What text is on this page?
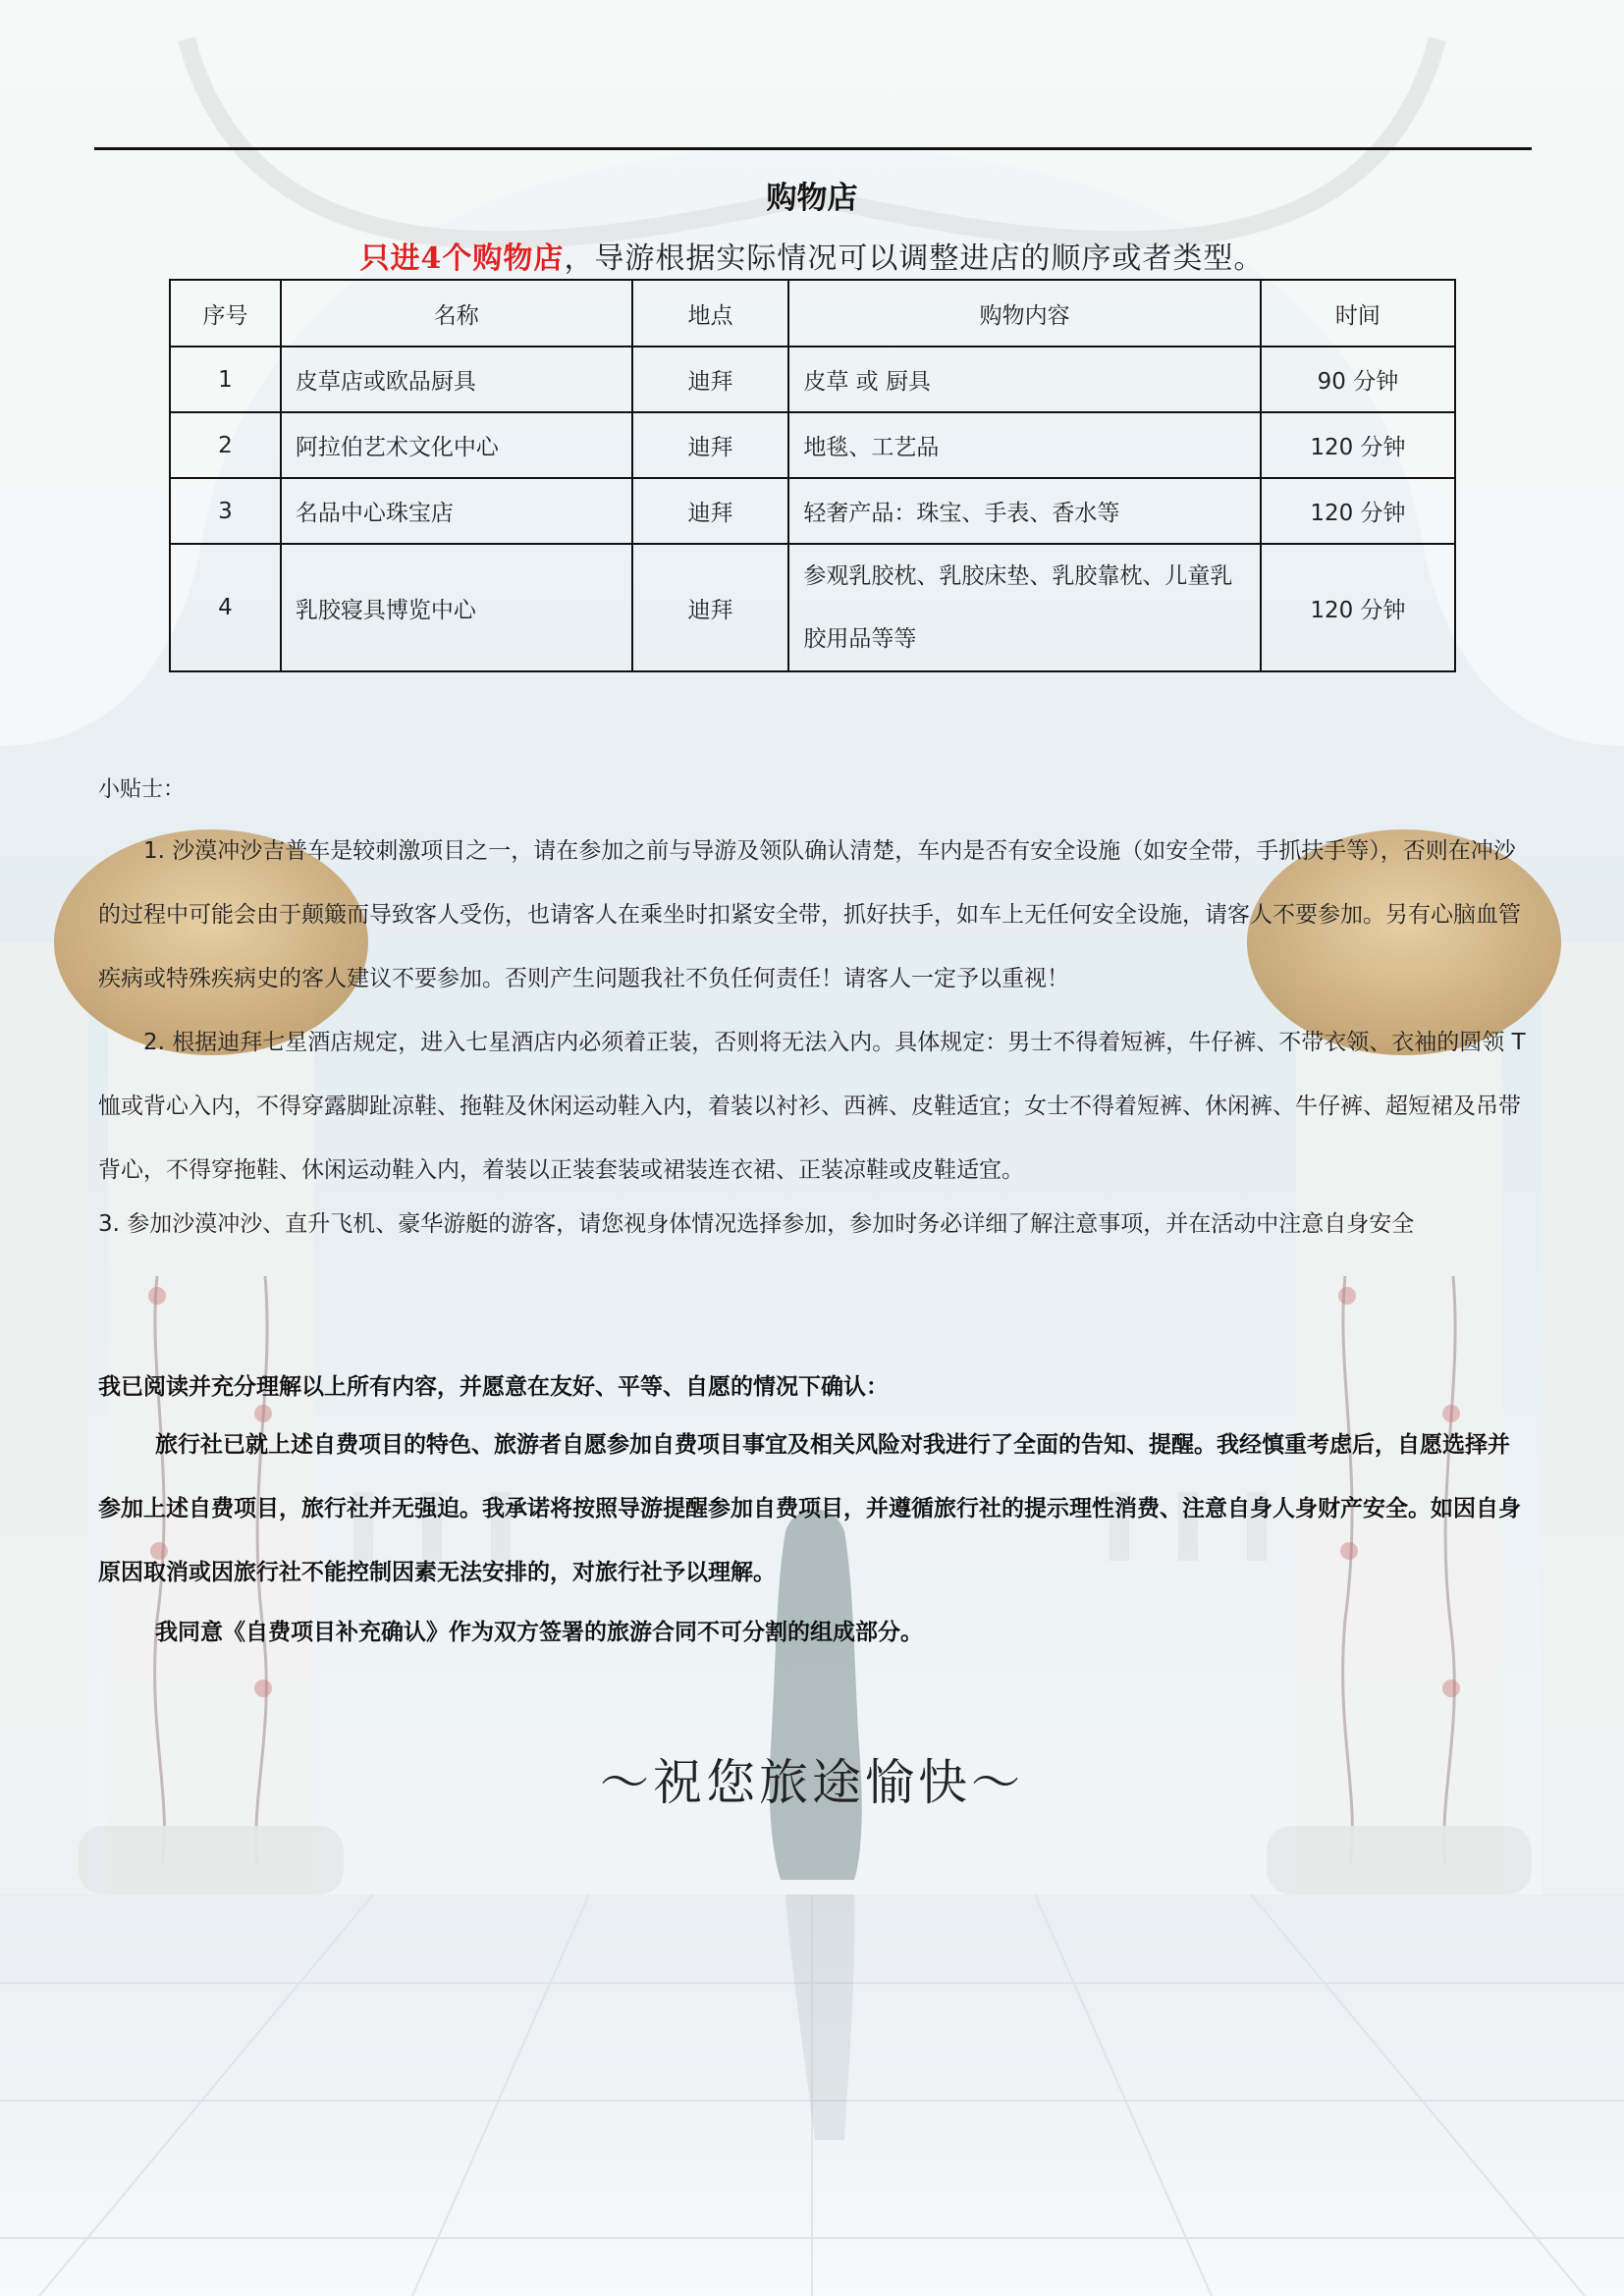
购物店
只进4个购物店，导游根据实际情况可以调整进店的顺序或者类型。
序号	名称	地点	购物内容	时间
1	皮草店或欧品厨具	迪拜	皮草 或 厨具	90 分钟
2	阿拉伯艺术文化中心	迪拜	地毯、工艺品	120 分钟
3	名品中心珠宝店	迪拜	轻奢产品：珠宝、手表、香水等	120 分钟
4	乳胶寝具博览中心	迪拜	参观乳胶枕、乳胶床垫、乳胶靠枕、儿童乳胶用品等等	120 分钟
小贴士：
1. 沙漠冲沙吉普车是较刺激项目之一，请在参加之前与导游及领队确认清楚，车内是否有安全设施（如安全带，手抓扶手等），否则在冲沙的过程中可能会由于颠簸而导致客人受伤，也请客人在乘坐时扣紧安全带，抓好扶手，如车上无任何安全设施，请客人不要参加。另有心脑血管疾病或特殊疾病史的客人建议不要参加。否则产生问题我社不负任何责任！请客人一定予以重视！
2. 根据迪拜七星酒店规定，进入七星酒店内必须着正装，否则将无法入内。具体规定：男士不得着短裤，牛仔裤、不带衣领、衣袖的圆领 T 恤或背心入内，不得穿露脚趾凉鞋、拖鞋及休闲运动鞋入内，着装以衬衫、西裤、皮鞋适宜；女士不得着短裤、休闲裤、牛仔裤、超短裙及吊带背心，不得穿拖鞋、休闲运动鞋入内，着装以正装套装或裙装连衣裙、正装凉鞋或皮鞋适宜。
3. 参加沙漠冲沙、直升飞机、豪华游艇的游客，请您视身体情况选择参加，参加时务必详细了解注意事项，并在活动中注意自身安全
我已阅读并充分理解以上所有内容，并愿意在友好、平等、自愿的情况下确认：
旅行社已就上述自费项目的特色、旅游者自愿参加自费项目事宜及相关风险对我进行了全面的告知、提醒。我经慎重考虑后，自愿选择并参加上述自费项目，旅行社并无强迫。我承诺将按照导游提醒参加自费项目，并遵循旅行社的提示理性消费、注意自身人身财产安全。如因自身原因取消或因旅行社不能控制因素无法安排的，对旅行社予以理解。
我同意《自费项目补充确认》作为双方签署的旅游合同不可分割的组成部分。
～祝您旅途愉快～
